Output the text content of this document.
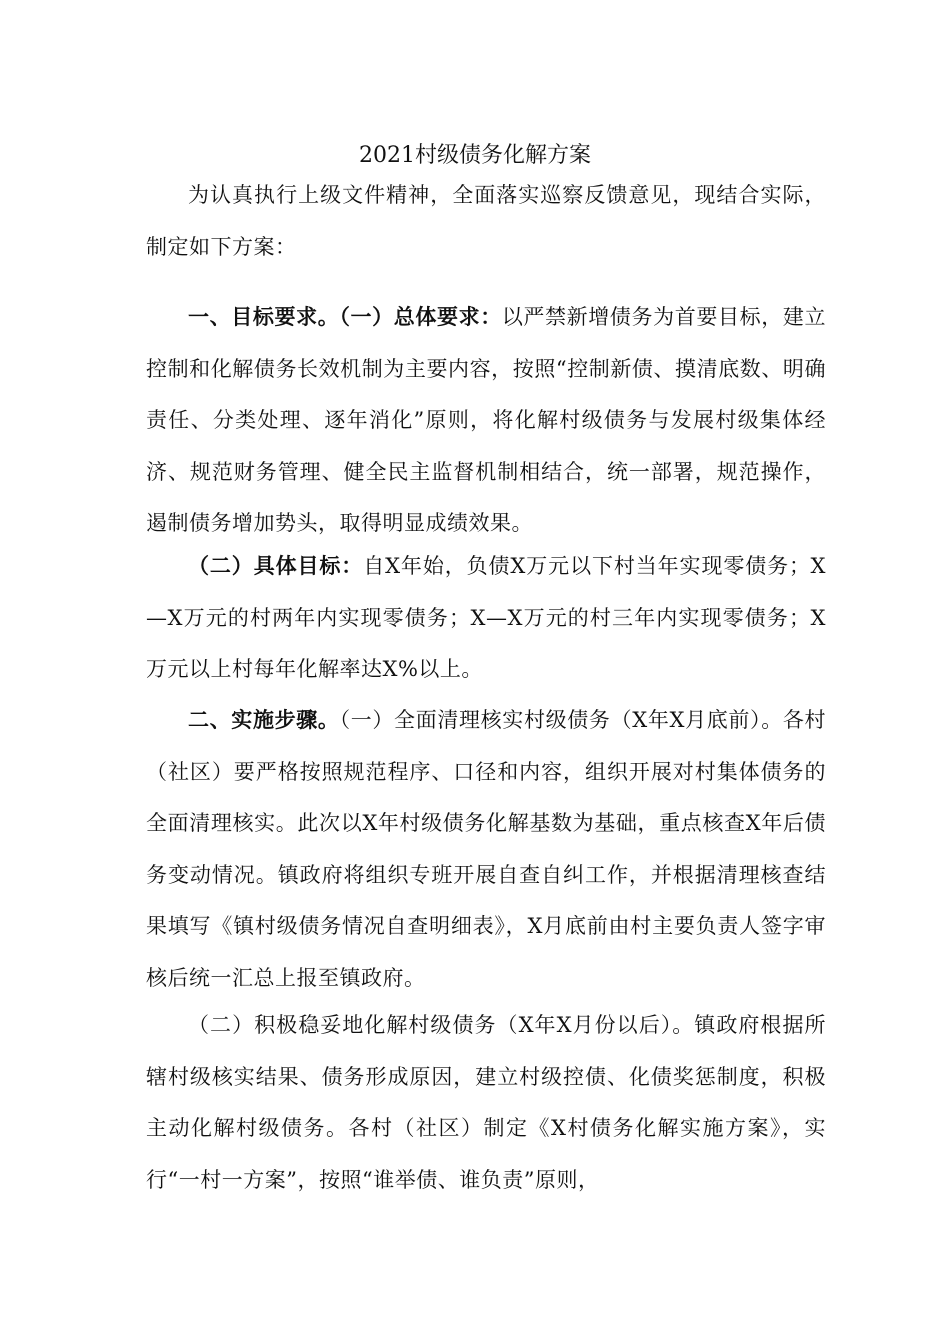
2021村级债务化解方案

为认真执行上级文件精神，全面落实巡察反馈意见，现结合实际，制定如下方案：

一、目标要求。（一）总体要求：以严禁新增债务为首要目标，建立控制和化解债务长效机制为主要内容，按照“控制新债、摸清底数、明确责任、分类处理、逐年消化”原则，将化解村级债务与发展村级集体经济、规范财务管理、健全民主监督机制相结合，统一部署，规范操作，遏制债务增加势头，取得明显成绩效果。

（二）具体目标：自X年始，负债X万元以下村当年实现零债务；X—X万元的村两年内实现零债务；X—X万元的村三年内实现零债务；X万元以上村每年化解率达X%以上。

二、实施步骤。（一）全面清理核实村级债务（X年X月底前）。各村（社区）要严格按照规范程序、口径和内容，组织开展对村集体债务的全面清理核实。此次以X年村级债务化解基数为基础，重点核查X年后债务变动情况。镇政府将组织专班开展自查自纠工作，并根据清理核查结果填写《镇村级债务情况自查明细表》，X月底前由村主要负责人签字审核后统一汇总上报至镇政府。

（二）积极稳妥地化解村级债务（X年X月份以后）。镇政府根据所辖村级核实结果、债务形成原因，建立村级控债、化债奖惩制度，积极主动化解村级债务。各村（社区）制定《X村债务化解实施方案》，实行“一村一方案”，按照“谁举债、谁负责”原则，
